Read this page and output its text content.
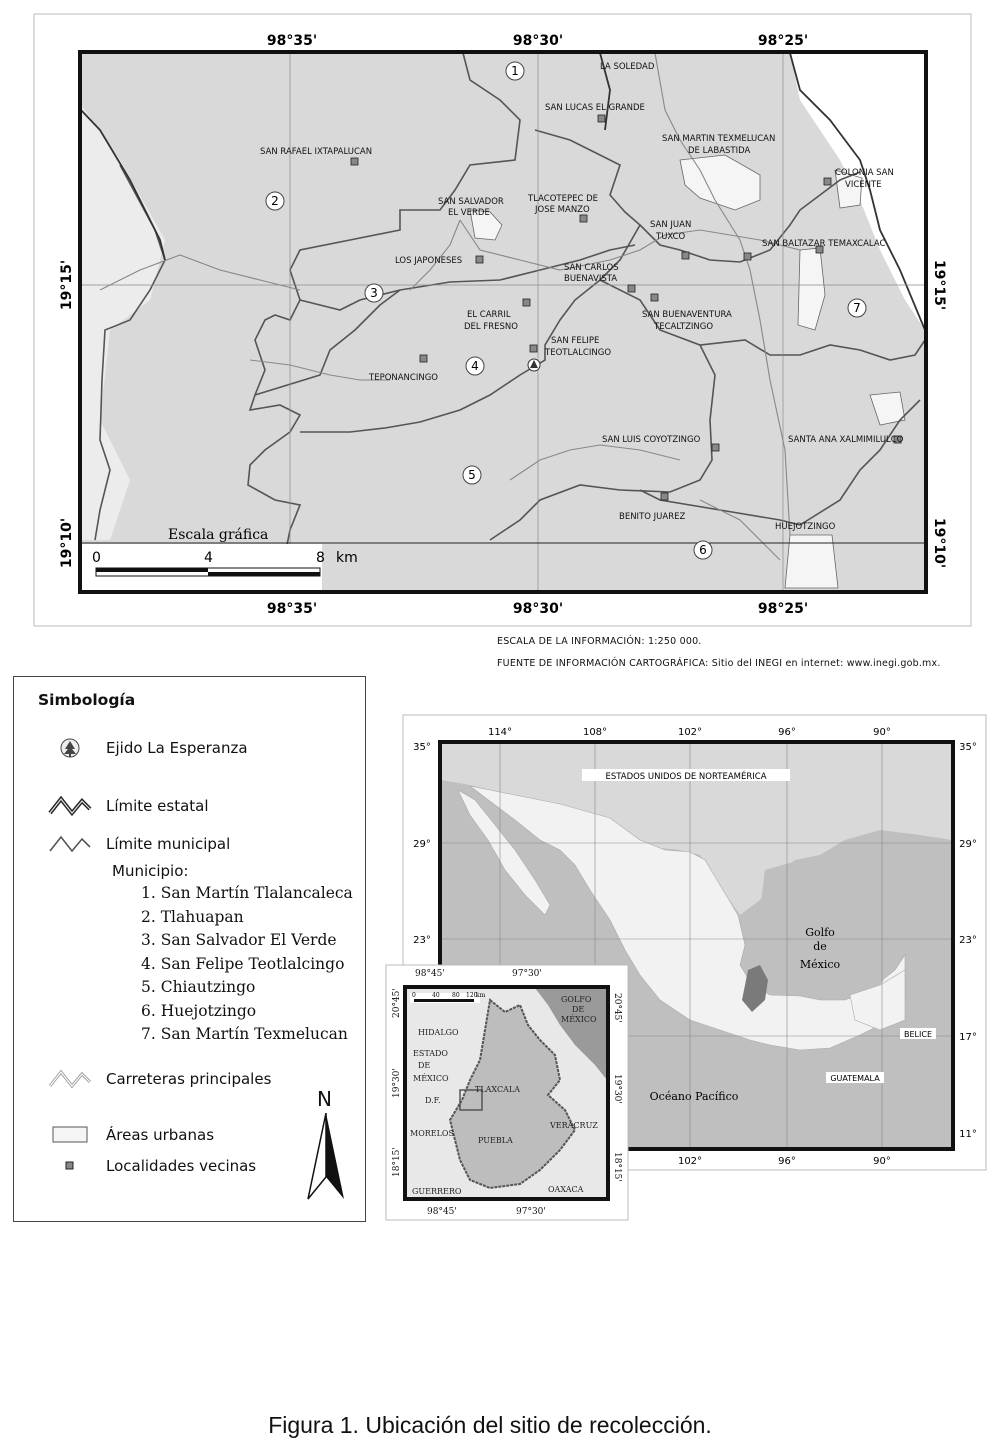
Escala gráfica
0	4	8 km
98°35'	98°30'	98°25'
98°35'	98°30'	98°25'
19°15'
19°10'
19°15'
19°10'
LA SOLEDAD
SAN LUCAS EL GRANDE
SAN RAFAEL IXTAPALUCAN
SAN MARTIN TEXMELUCAN
DE LABASTIDA
COLONIA SAN
VICENTE
SAN SALVADOR
EL VERDE
TLACOTEPEC DE
JOSE MANZO
SAN JUAN
TUXCO
SAN BALTAZAR TEMAXCALAC
LOS JAPONESES
SAN CARLOS
BUENAVISTA
EL CARRIL
DEL FRESNO
SAN BUENAVENTURA
TECALTZINGO
SAN FELIPE
TEOTLALCINGO
TEPONANCINGO
SAN LUIS COYOTZINGO	SANTA ANA XALMIMILULCO
BENITO JUAREZ
HUEJOTZINGO
1
2
3
4
5
6
7
ESCALA DE LA INFORMACIÓN: 1:250 000.
FUENTE DE INFORMACIÓN CARTOGRÁFICA: Sitio del INEGI en internet: www.inegi.gob.mx.
Simbología
Ejido La Esperanza
Límite estatal
Límite municipal
Municipio:
1. San Martín Tlalancaleca
2. Tlahuapan
3. San Salvador El Verde
4. San Felipe Teotlalcingo
5. Chiautzingo
6. Huejotzingo
7. San Martín Texmelucan
Carreteras principales
Áreas urbanas
Localidades vecinas
N
114°	108°	102°	96°	90°
102°	96°	90°
35°
29°
23°
35°
29°
23°
17°
11°
ESTADOS UNIDOS DE NORTEAMÉRICA
Golfo
de
México
Océano Pacífico
BELICE
GUATEMALA
0	40 80 120
km
98°45'	97°30'
98°45'	97°30'
20°45'
19°30'
18°15'
20°45'
19°30'
18°15'
GOLFO
DE
MÉXICO
HIDALGO
ESTADO
DE
MÉXICO
D.F.
MORELOS
TLAXCALA
PUEBLA
VERACRUZ
GUERRERO	OAXACA
Figura 1. Ubicación del sitio de recolección.
